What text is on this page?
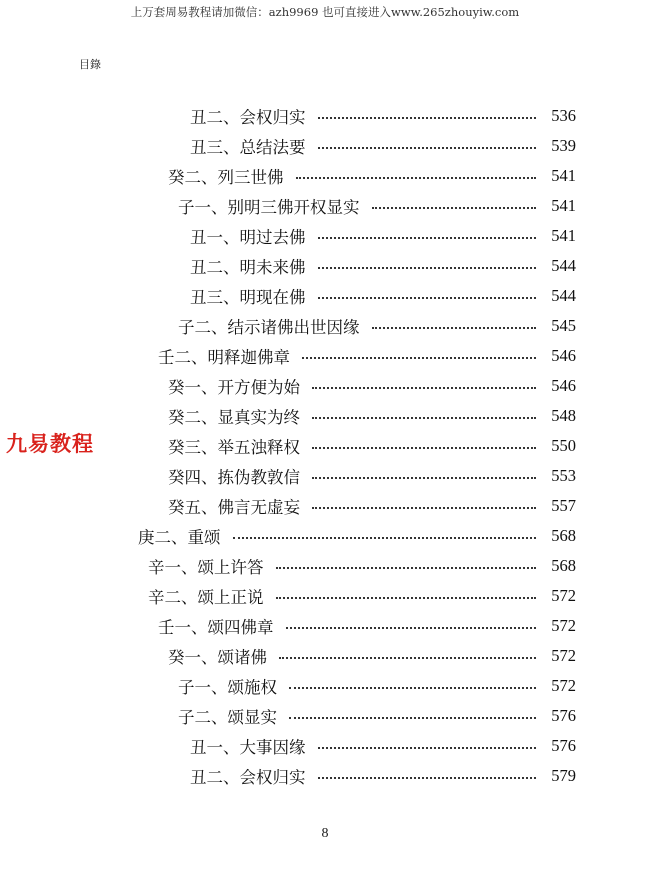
上万套周易教程请加微信：azh9969 也可直接进入www.265zhouyiw.com
目錄
九易教程
丑二、会权归实	536
丑三、总结法要	539
癸二、列三世佛	541
子一、别明三佛开权显实	541
丑一、明过去佛	541
丑二、明未来佛	544
丑三、明现在佛	544
子二、结示诸佛出世因缘	545
壬二、明释迦佛章	546
癸一、开方便为始	546
癸二、显真实为终	548
癸三、举五浊释权	550
癸四、拣伪教敦信	553
癸五、佛言无虚妄	557
庚二、重颂	568
辛一、颂上许答	568
辛二、颂上正说	572
壬一、颂四佛章	572
癸一、颂诸佛	572
子一、颂施权	572
子二、颂显实	576
丑一、大事因缘	576
丑二、会权归实	579
8
